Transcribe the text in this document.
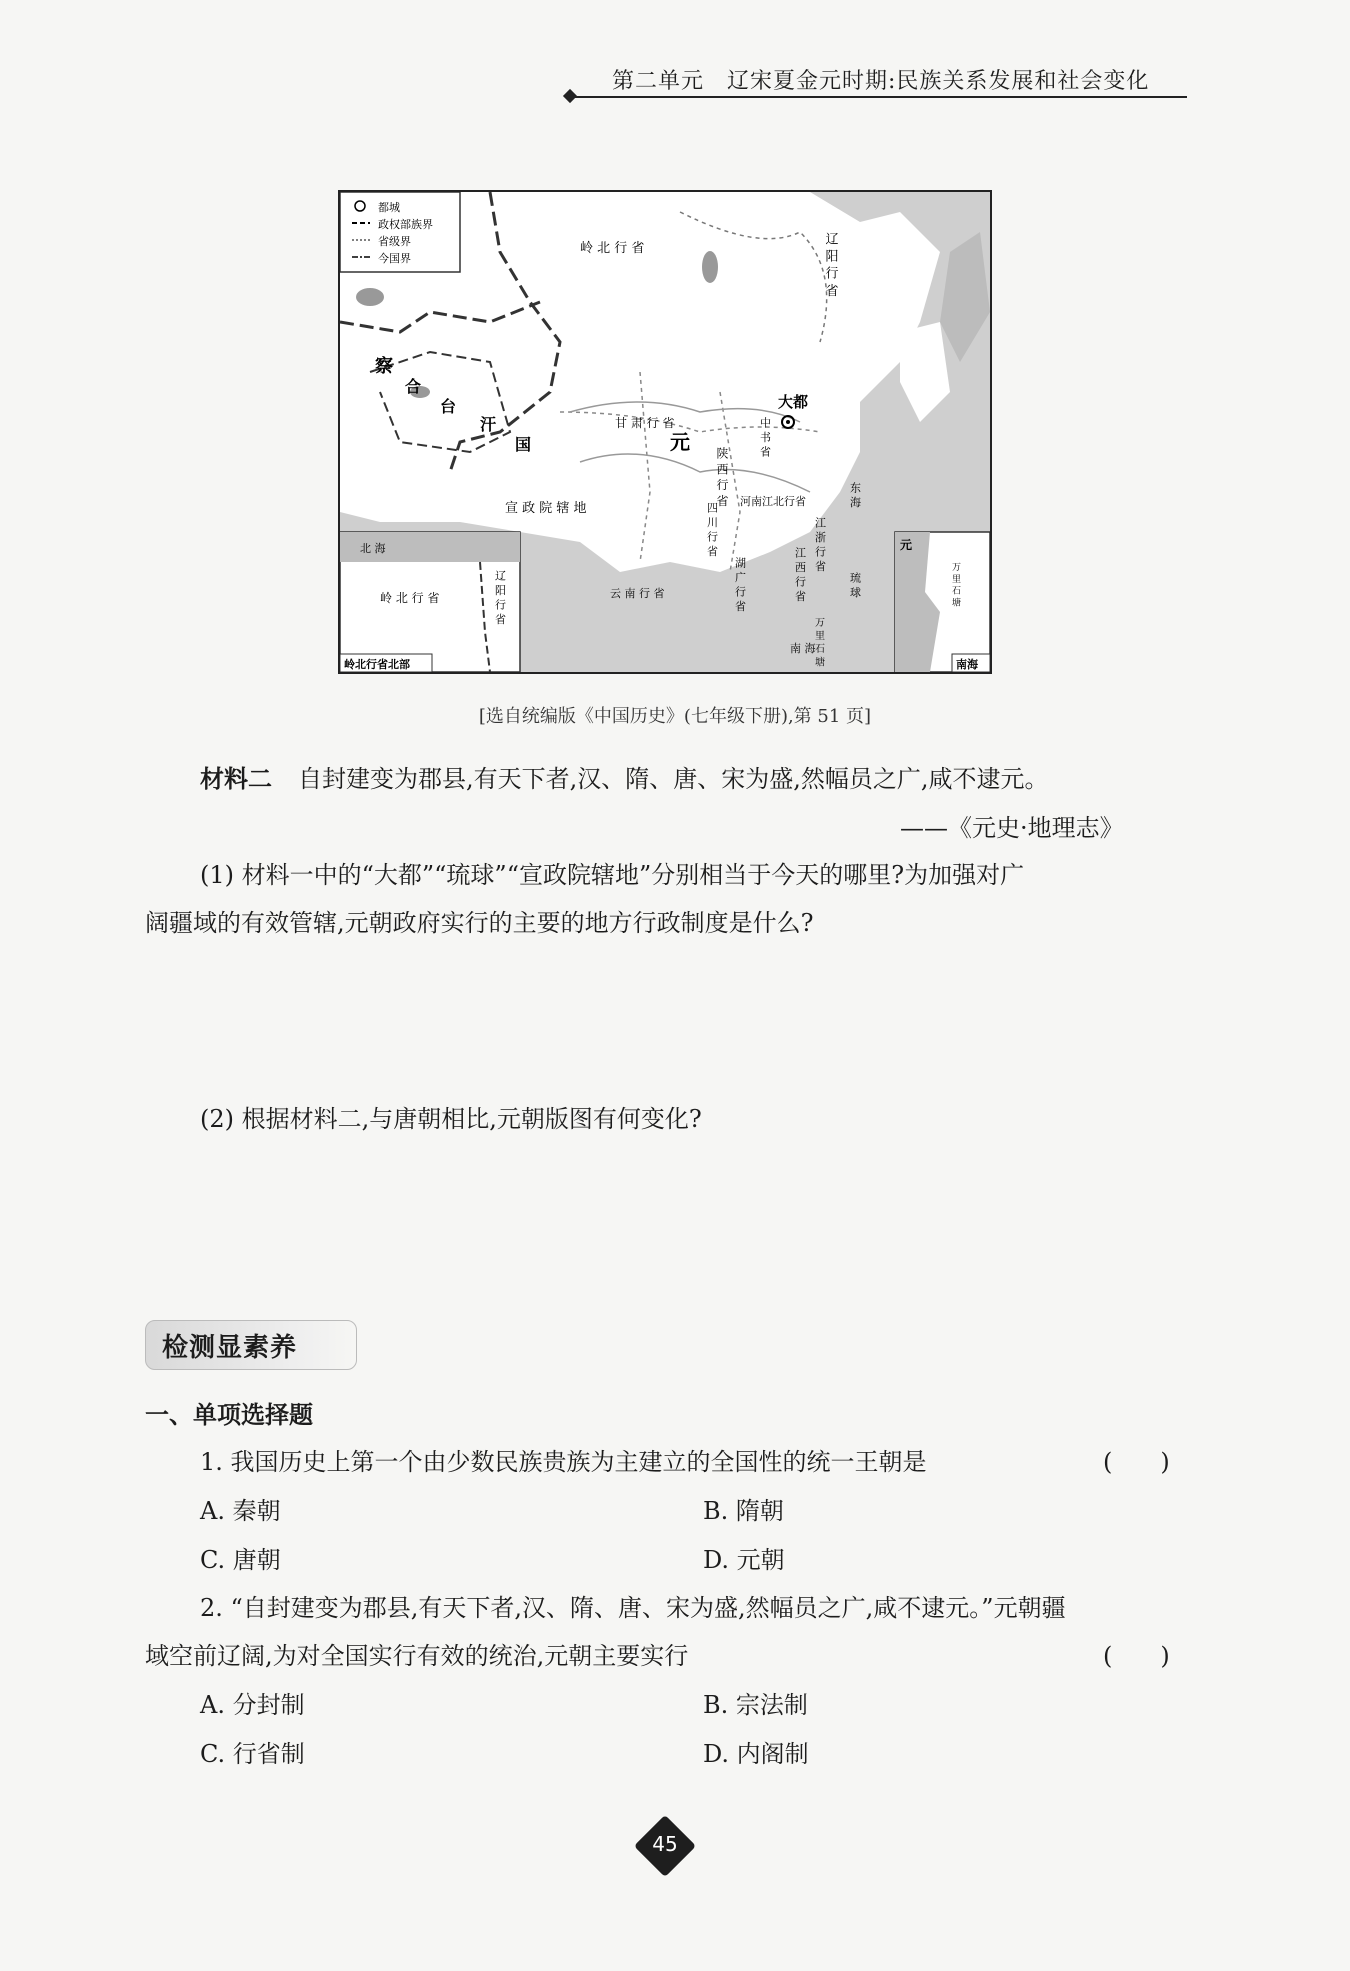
第二单元　辽宋夏金元时期:民族关系发展和社会变化
都城
政权部族界
省级界
今国界
岭 北 行 省	辽 阳 行 省
察
合
台
汗
国
大都
中 书 省
甘 肃 行 省
元
陕 西 行 省 河南江北行省
宣 政 院 辖 地	四 川 行 省	江 浙 行 省
江 西 行 省
湖 广 行 省
云 南 行 省	琉 球
东 海
南 海
万 里 石 塘
北 海
岭 北 行 省	辽 阳 行 省
岭北行省北部
元
万 里 石 塘
南海
[选自统编版《中国历史》(七年级下册),第 51 页]
材料二 自封建变为郡县,有天下者,汉、隋、唐、宋为盛,然幅员之广,咸不逮元。
——《元史·地理志》
(1) 材料一中的“大都”“琉球”“宣政院辖地”分别相当于今天的哪里?为加强对广
阔疆域的有效管辖,元朝政府实行的主要的地方行政制度是什么?
(2) 根据材料二,与唐朝相比,元朝版图有何变化?
检测显素养
一、单项选择题
1. 我国历史上第一个由少数民族贵族为主建立的全国性的统一王朝是	(　　)
A. 秦朝	B. 隋朝
C. 唐朝	D. 元朝
2. “自封建变为郡县,有天下者,汉、隋、唐、宋为盛,然幅员之广,咸不逮元。”元朝疆
域空前辽阔,为对全国实行有效的统治,元朝主要实行	(　　)
A. 分封制	B. 宗法制
C. 行省制	D. 内阁制
45
